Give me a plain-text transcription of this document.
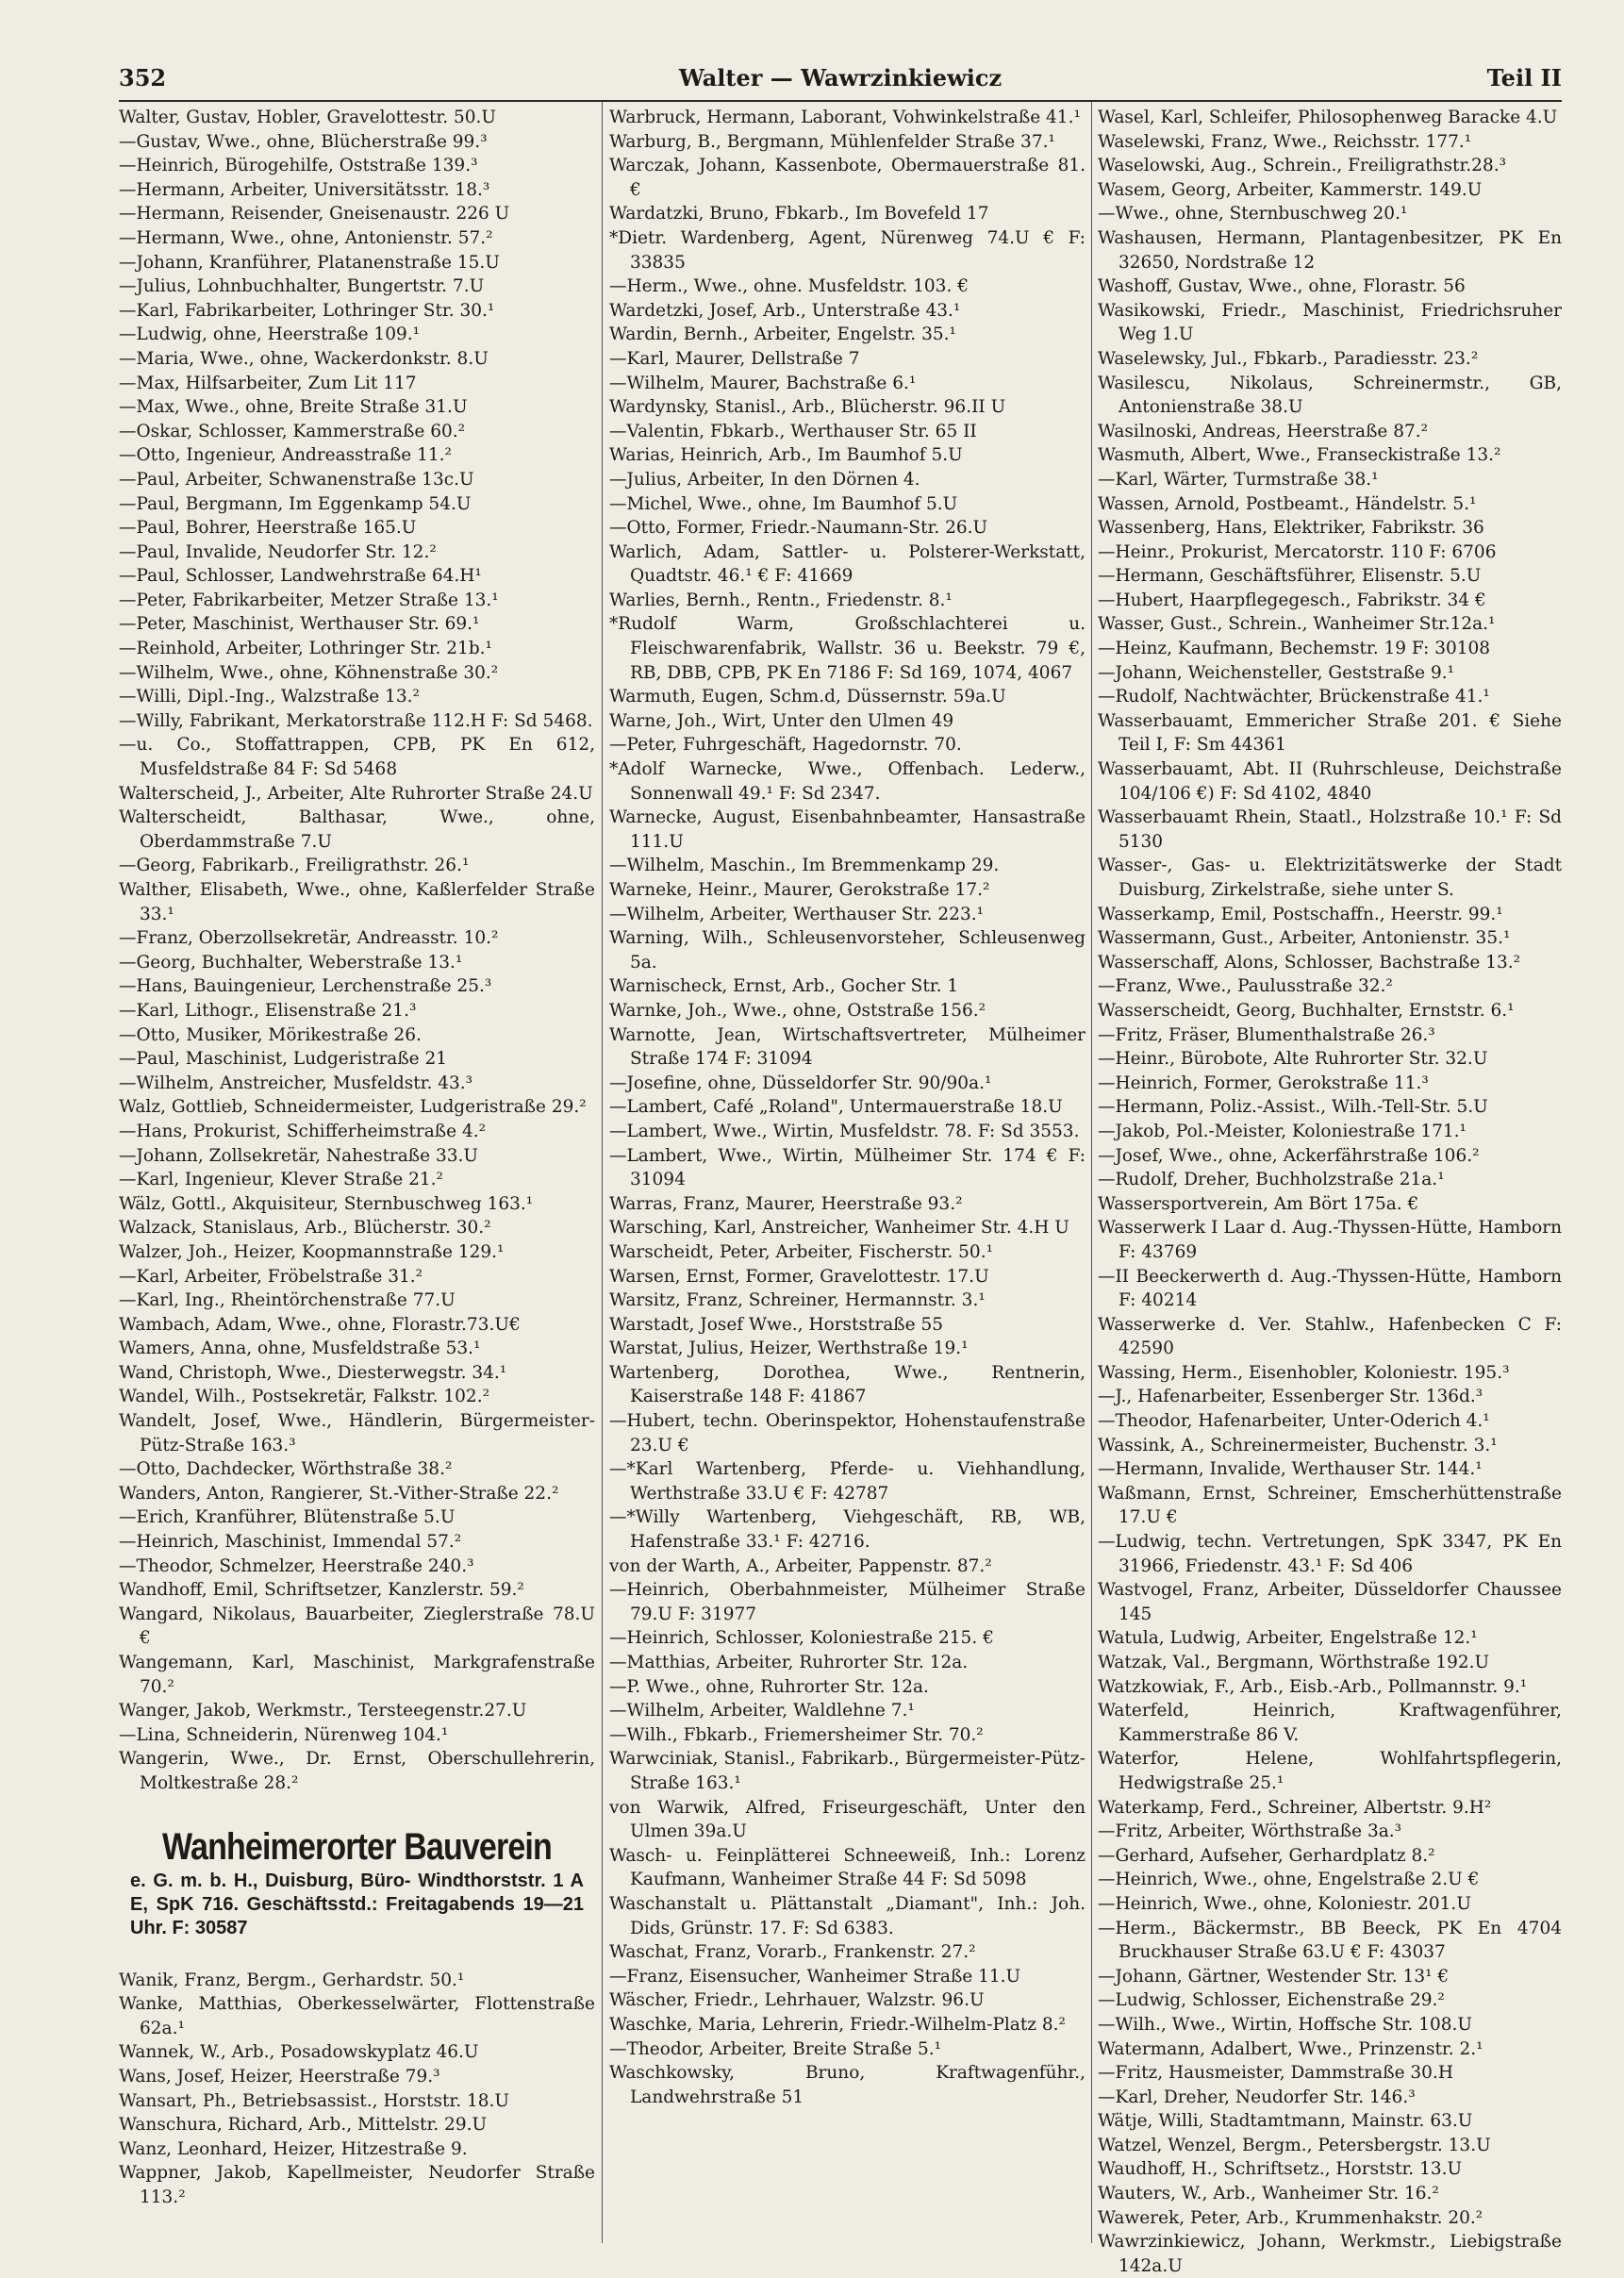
352	Walter — Wawrzinkiewicz	Teil II
Walter, Gustav, Hobler, Gravelottestr. 50.U
—Gustav, Wwe., ohne, Blücherstraße 99.³
—Heinrich, Bürogehilfe, Oststraße 139.³
—Hermann, Arbeiter, Universitätsstr. 18.³
—Hermann, Reisender, Gneisenaustr. 226 U
—Hermann, Wwe., ohne, Antonienstr. 57.²
—Johann, Kranführer, Platanenstraße 15.U
—Julius, Lohnbuchhalter, Bungertstr. 7.U
—Karl, Fabrikarbeiter, Lothringer Str. 30.¹
—Ludwig, ohne, Heerstraße 109.¹
—Maria, Wwe., ohne, Wackerdonkstr. 8.U
—Max, Hilfsarbeiter, Zum Lit 117
—Max, Wwe., ohne, Breite Straße 31.U
—Oskar, Schlosser, Kammerstraße 60.²
—Otto, Ingenieur, Andreasstraße 11.²
—Paul, Arbeiter, Schwanenstraße 13c.U
—Paul, Bergmann, Im Eggenkamp 54.U
—Paul, Bohrer, Heerstraße 165.U
—Paul, Invalide, Neudorfer Str. 12.²
—Paul, Schlosser, Landwehrstraße 64.H¹
—Peter, Fabrikarbeiter, Metzer Straße 13.¹
—Peter, Maschinist, Werthauser Str. 69.¹
—Reinhold, Arbeiter, Lothringer Str. 21b.¹
—Wilhelm, Wwe., ohne, Köhnenstraße 30.²
—Willi, Dipl.-Ing., Walzstraße 13.²
—Willy, Fabrikant, Merkatorstraße 112.H F: Sd 5468.
—u. Co., Stoffattrappen, CPB, PK En 612, Musfeldstraße 84 F: Sd 5468
Walterscheid, J., Arbeiter, Alte Ruhrorter Straße 24.U
Walterscheidt, Balthasar, Wwe., ohne, Oberdammstraße 7.U
—Georg, Fabrikarb., Freiligrathstr. 26.¹
Walther, Elisabeth, Wwe., ohne, Kaßlerfelder Straße 33.¹
—Franz, Oberzollsekretär, Andreasstr. 10.²
—Georg, Buchhalter, Weberstraße 13.¹
—Hans, Bauingenieur, Lerchenstraße 25.³
—Karl, Lithogr., Elisenstraße 21.³
—Otto, Musiker, Mörikestraße 26.
—Paul, Maschinist, Ludgeristraße 21
—Wilhelm, Anstreicher, Musfeldstr. 43.³
Walz, Gottlieb, Schneidermeister, Ludgeristraße 29.²
—Hans, Prokurist, Schifferheimstraße 4.²
—Johann, Zollsekretär, Nahestraße 33.U
—Karl, Ingenieur, Klever Straße 21.²
Wälz, Gottl., Akquisiteur, Sternbuschweg 163.¹
Walzack, Stanislaus, Arb., Blücherstr. 30.²
Walzer, Joh., Heizer, Koopmannstraße 129.¹
—Karl, Arbeiter, Fröbelstraße 31.²
—Karl, Ing., Rheintörchenstraße 77.U
Wambach, Adam, Wwe., ohne, Florastr.73.U€
Wamers, Anna, ohne, Musfeldstraße 53.¹
Wand, Christoph, Wwe., Diesterwegstr. 34.¹
Wandel, Wilh., Postsekretär, Falkstr. 102.²
Wandelt, Josef, Wwe., Händlerin, Bürgermeister-Pütz-Straße 163.³
—Otto, Dachdecker, Wörthstraße 38.²
Wanders, Anton, Rangierer, St.-Vither-Straße 22.²
—Erich, Kranführer, Blütenstraße 5.U
—Heinrich, Maschinist, Immendal 57.²
—Theodor, Schmelzer, Heerstraße 240.³
Wandhoff, Emil, Schriftsetzer, Kanzlerstr. 59.²
Wangard, Nikolaus, Bauarbeiter, Zieglerstraße 78.U €
Wangemann, Karl, Maschinist, Markgrafenstraße 70.²
Wanger, Jakob, Werkmstr., Tersteegenstr.27.U
—Lina, Schneiderin, Nürenweg 104.¹
Wangerin, Wwe., Dr. Ernst, Oberschullehrerin, Moltkestraße 28.²
Wanheimerorter Bauverein
e. G. m. b. H., Duisburg, Büro- Windthorststr. 1 A E, SpK 716. Geschäftsstd.: Freitagabends 19—21 Uhr. F: 30587
Wanik, Franz, Bergm., Gerhardstr. 50.¹
Wanke, Matthias, Oberkesselwärter, Flottenstraße 62a.¹
Wannek, W., Arb., Posadowskyplatz 46.U
Wans, Josef, Heizer, Heerstraße 79.³
Wansart, Ph., Betriebsassist., Horststr. 18.U
Wanschura, Richard, Arb., Mittelstr. 29.U
Wanz, Leonhard, Heizer, Hitzestraße 9.
Wappner, Jakob, Kapellmeister, Neudorfer Straße 113.²
Warbruck, Hermann, Laborant, Vohwinkelstraße 41.¹
Warburg, B., Bergmann, Mühlenfelder Straße 37.¹
Warczak, Johann, Kassenbote, Obermauerstraße 81. €
Wardatzki, Bruno, Fbkarb., Im Bovefeld 17
*Dietr. Wardenberg, Agent, Nürenweg 74.U € F: 33835
—Herm., Wwe., ohne. Musfeldstr. 103. €
Wardetzki, Josef, Arb., Unterstraße 43.¹
Wardin, Bernh., Arbeiter, Engelstr. 35.¹
—Karl, Maurer, Dellstraße 7
—Wilhelm, Maurer, Bachstraße 6.¹
Wardynsky, Stanisl., Arb., Blücherstr. 96.II U
—Valentin, Fbkarb., Werthauser Str. 65 II
Warias, Heinrich, Arb., Im Baumhof 5.U
—Julius, Arbeiter, In den Dörnen 4.
—Michel, Wwe., ohne, Im Baumhof 5.U
—Otto, Former, Friedr.-Naumann-Str. 26.U
Warlich, Adam, Sattler- u. Polsterer-Werkstatt, Quadtstr. 46.¹ € F: 41669
Warlies, Bernh., Rentn., Friedenstr. 8.¹
*Rudolf Warm, Großschlachterei u. Fleischwarenfabrik, Wallstr. 36 u. Beekstr. 79 €, RB, DBB, CPB, PK En 7186 F: Sd 169, 1074, 4067
Warmuth, Eugen, Schm.d, Düssernstr. 59a.U
Warne, Joh., Wirt, Unter den Ulmen 49
—Peter, Fuhrgeschäft, Hagedornstr. 70.
*Adolf Warnecke, Wwe., Offenbach. Lederw., Sonnenwall 49.¹ F: Sd 2347.
Warnecke, August, Eisenbahnbeamter, Hansastraße 111.U
—Wilhelm, Maschin., Im Bremmenkamp 29.
Warneke, Heinr., Maurer, Gerokstraße 17.²
—Wilhelm, Arbeiter, Werthauser Str. 223.¹
Warning, Wilh., Schleusenvorsteher, Schleusenweg 5a.
Warnischeck, Ernst, Arb., Gocher Str. 1
Warnke, Joh., Wwe., ohne, Oststraße 156.²
Warnotte, Jean, Wirtschaftsvertreter, Mülheimer Straße 174 F: 31094
—Josefine, ohne, Düsseldorfer Str. 90/90a.¹
—Lambert, Café „Roland", Untermauerstraße 18.U
—Lambert, Wwe., Wirtin, Musfeldstr. 78. F: Sd 3553.
—Lambert, Wwe., Wirtin, Mülheimer Str. 174 € F: 31094
Warras, Franz, Maurer, Heerstraße 93.²
Warsching, Karl, Anstreicher, Wanheimer Str. 4.H U
Warscheidt, Peter, Arbeiter, Fischerstr. 50.¹
Warsen, Ernst, Former, Gravelottestr. 17.U
Warsitz, Franz, Schreiner, Hermannstr. 3.¹
Warstadt, Josef Wwe., Horststraße 55
Warstat, Julius, Heizer, Werthstraße 19.¹
Wartenberg, Dorothea, Wwe., Rentnerin, Kaiserstraße 148 F: 41867
—Hubert, techn. Oberinspektor, Hohenstaufenstraße 23.U €
—*Karl Wartenberg, Pferde- u. Viehhandlung, Werthstraße 33.U € F: 42787
—*Willy Wartenberg, Viehgeschäft, RB, WB, Hafenstraße 33.¹ F: 42716.
von der Warth, A., Arbeiter, Pappenstr. 87.²
—Heinrich, Oberbahnmeister, Mülheimer Straße 79.U F: 31977
—Heinrich, Schlosser, Koloniestraße 215. €
—Matthias, Arbeiter, Ruhrorter Str. 12a.
—P. Wwe., ohne, Ruhrorter Str. 12a.
—Wilhelm, Arbeiter, Waldlehne 7.¹
—Wilh., Fbkarb., Friemersheimer Str. 70.²
Warwciniak, Stanisl., Fabrikarb., Bürgermeister-Pütz-Straße 163.¹
von Warwik, Alfred, Friseurgeschäft, Unter den Ulmen 39a.U
Wasch- u. Feinplätterei Schneeweiß, Inh.: Lorenz Kaufmann, Wanheimer Straße 44 F: Sd 5098
Waschanstalt u. Plättanstalt „Diamant", Inh.: Joh. Dids, Grünstr. 17. F: Sd 6383.
Waschat, Franz, Vorarb., Frankenstr. 27.²
—Franz, Eisensucher, Wanheimer Straße 11.U
Wäscher, Friedr., Lehrhauer, Walzstr. 96.U
Waschke, Maria, Lehrerin, Friedr.-Wilhelm-Platz 8.²
—Theodor, Arbeiter, Breite Straße 5.¹
Waschkowsky, Bruno, Kraftwagenführ., Landwehrstraße 51
Wasel, Karl, Schleifer, Philosophenweg Baracke 4.U
Waselewski, Franz, Wwe., Reichsstr. 177.¹
Waselowski, Aug., Schrein., Freiligrathstr.28.³
Wasem, Georg, Arbeiter, Kammerstr. 149.U
—Wwe., ohne, Sternbuschweg 20.¹
Washausen, Hermann, Plantagenbesitzer, PK En 32650, Nordstraße 12
Washoff, Gustav, Wwe., ohne, Florastr. 56
Wasikowski, Friedr., Maschinist, Friedrichsruher Weg 1.U
Waselewsky, Jul., Fbkarb., Paradiesstr. 23.²
Wasilescu, Nikolaus, Schreinermstr., GB, Antonienstraße 38.U
Wasilnoski, Andreas, Heerstraße 87.²
Wasmuth, Albert, Wwe., Franseckistraße 13.²
—Karl, Wärter, Turmstraße 38.¹
Wassen, Arnold, Postbeamt., Händelstr. 5.¹
Wassenberg, Hans, Elektriker, Fabrikstr. 36
—Heinr., Prokurist, Mercatorstr. 110 F: 6706
—Hermann, Geschäftsführer, Elisenstr. 5.U
—Hubert, Haarpflegegesch., Fabrikstr. 34 €
Wasser, Gust., Schrein., Wanheimer Str.12a.¹
—Heinz, Kaufmann, Bechemstr. 19 F: 30108
—Johann, Weichensteller, Geststraße 9.¹
—Rudolf, Nachtwächter, Brückenstraße 41.¹
Wasserbauamt, Emmericher Straße 201. € Siehe Teil I, F: Sm 44361
Wasserbauamt, Abt. II (Ruhrschleuse, Deichstraße 104/106 €) F: Sd 4102, 4840
Wasserbauamt Rhein, Staatl., Holzstraße 10.¹ F: Sd 5130
Wasser-, Gas- u. Elektrizitätswerke der Stadt Duisburg, Zirkelstraße, siehe unter S.
Wasserkamp, Emil, Postschaffn., Heerstr. 99.¹
Wassermann, Gust., Arbeiter, Antonienstr. 35.¹
Wasserschaff, Alons, Schlosser, Bachstraße 13.²
—Franz, Wwe., Paulusstraße 32.²
Wasserscheidt, Georg, Buchhalter, Ernststr. 6.¹
—Fritz, Fräser, Blumenthalstraße 26.³
—Heinr., Bürobote, Alte Ruhrorter Str. 32.U
—Heinrich, Former, Gerokstraße 11.³
—Hermann, Poliz.-Assist., Wilh.-Tell-Str. 5.U
—Jakob, Pol.-Meister, Koloniestraße 171.¹
—Josef, Wwe., ohne, Ackerfährstraße 106.²
—Rudolf, Dreher, Buchholzstraße 21a.¹
Wassersportverein, Am Bört 175a. €
Wasserwerk I Laar d. Aug.-Thyssen-Hütte, Hamborn F: 43769
—II Beeckerwerth d. Aug.-Thyssen-Hütte, Hamborn F: 40214
Wasserwerke d. Ver. Stahlw., Hafenbecken C F: 42590
Wassing, Herm., Eisenhobler, Koloniestr. 195.³
—J., Hafenarbeiter, Essenberger Str. 136d.³
—Theodor, Hafenarbeiter, Unter-Oderich 4.¹
Wassink, A., Schreinermeister, Buchenstr. 3.¹
—Hermann, Invalide, Werthauser Str. 144.¹
Waßmann, Ernst, Schreiner, Emscherhüttenstraße 17.U €
—Ludwig, techn. Vertretungen, SpK 3347, PK En 31966, Friedenstr. 43.¹ F: Sd 406
Wastvogel, Franz, Arbeiter, Düsseldorfer Chaussee 145
Watula, Ludwig, Arbeiter, Engelstraße 12.¹
Watzak, Val., Bergmann, Wörthstraße 192.U
Watzkowiak, F., Arb., Eisb.-Arb., Pollmannstr. 9.¹
Waterfeld, Heinrich, Kraftwagenführer, Kammerstraße 86 V.
Waterfor, Helene, Wohlfahrtspflegerin, Hedwigstraße 25.¹
Waterkamp, Ferd., Schreiner, Albertstr. 9.H²
—Fritz, Arbeiter, Wörthstraße 3a.³
—Gerhard, Aufseher, Gerhardplatz 8.²
—Heinrich, Wwe., ohne, Engelstraße 2.U €
—Heinrich, Wwe., ohne, Koloniestr. 201.U
—Herm., Bäckermstr., BB Beeck, PK En 4704 Bruckhauser Straße 63.U € F: 43037
—Johann, Gärtner, Westender Str. 13¹ €
—Ludwig, Schlosser, Eichenstraße 29.²
—Wilh., Wwe., Wirtin, Hoffsche Str. 108.U
Watermann, Adalbert, Wwe., Prinzenstr. 2.¹
—Fritz, Hausmeister, Dammstraße 30.H
—Karl, Dreher, Neudorfer Str. 146.³
Wätje, Willi, Stadtamtmann, Mainstr. 63.U
Watzel, Wenzel, Bergm., Petersbergstr. 13.U
Waudhoff, H., Schriftsetz., Horststr. 13.U
Wauters, W., Arb., Wanheimer Str. 16.²
Wawerek, Peter, Arb., Krummenhakstr. 20.²
Wawrzinkiewicz, Johann, Werkmstr., Liebigstraße 142a.U
